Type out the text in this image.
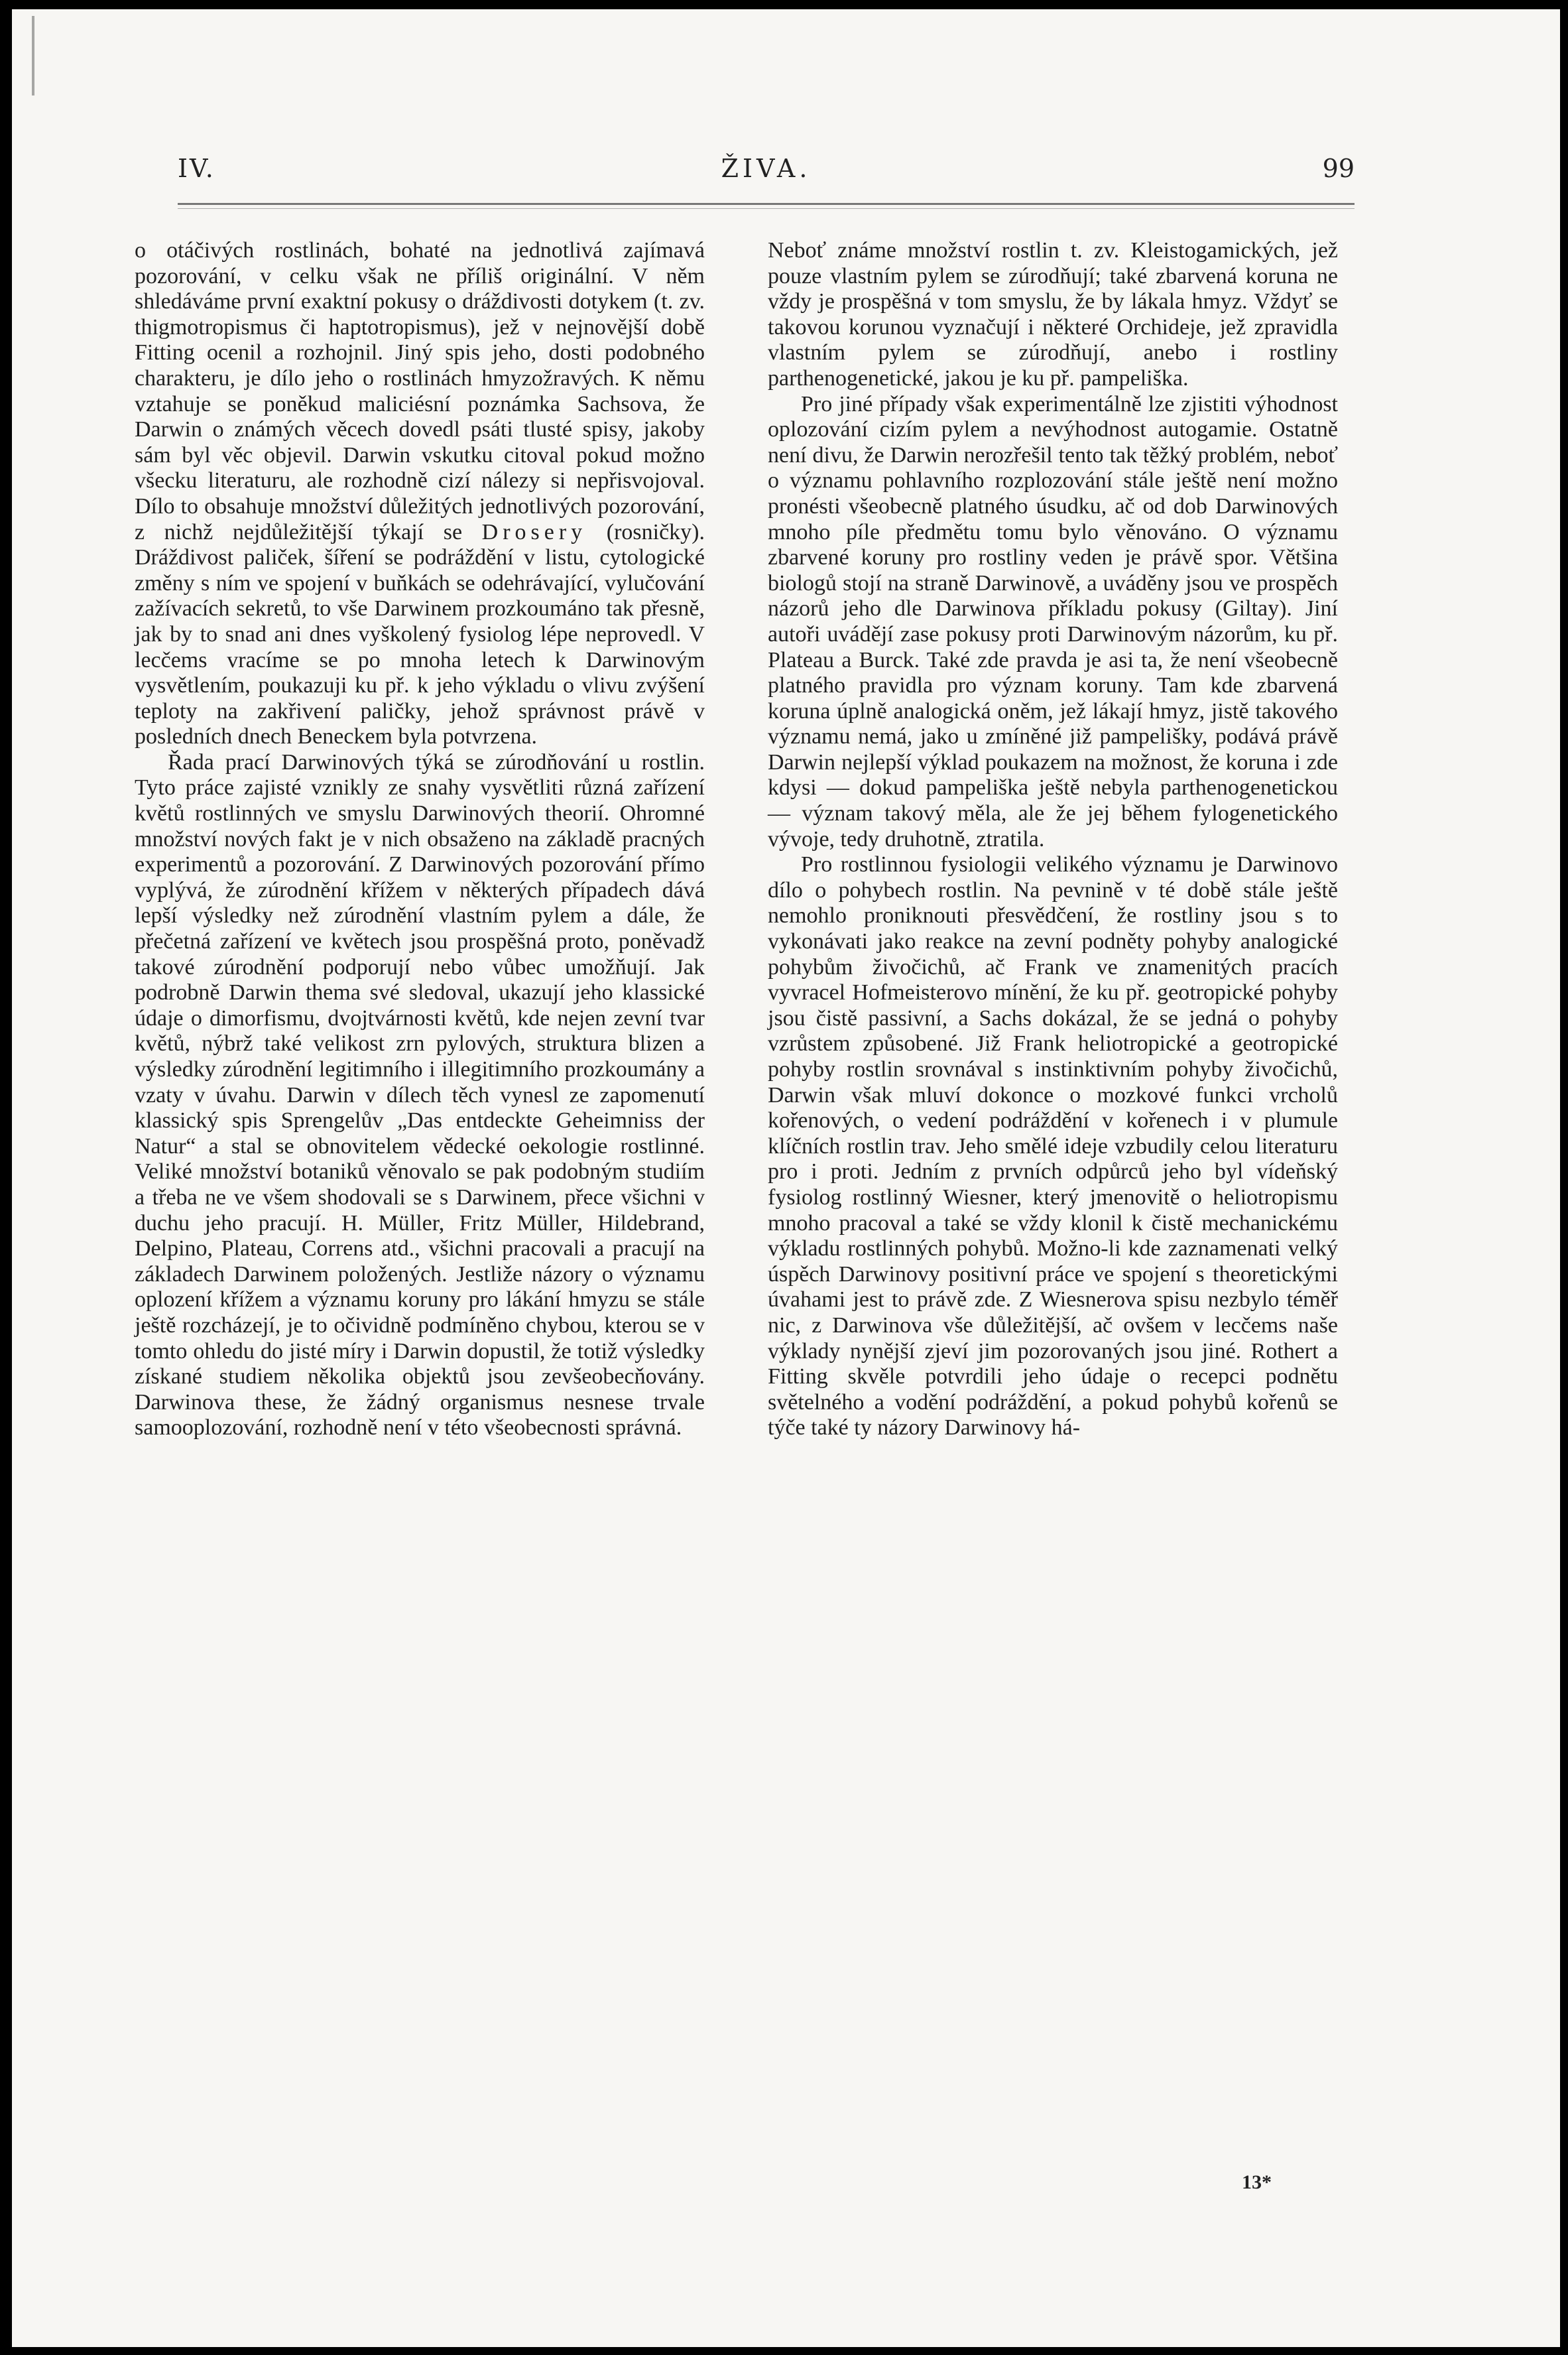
IV.	ŽIVA.	99

o otáčivých rostlinách, bohaté na jednotlivá zajímavá pozorování, v celku však ne příliš originální. V něm shledáváme první exaktní pokusy o dráždivosti dotykem (t. zv. thigmotropismus či haptotropismus), jež v nejnovější době Fitting ocenil a rozhojnil. Jiný spis jeho, dosti podobného charakteru, je dílo jeho o rostlinách hmyzožravých. K němu vztahuje se poněkud maliciésní poznámka Sachsova, že Darwin o známých věcech dovedl psáti tlusté spisy, jakoby sám byl věc objevil. Darwin vskutku citoval pokud možno všecku literaturu, ale rozhodně cizí nálezy si nepřisvojoval. Dílo to obsahuje množství důležitých jednotlivých pozorování, z nichž nejdůležitější týkají se Drosery (rosničky). Dráždivost paliček, šíření se podráždění v listu, cytologické změny s ním ve spojení v buňkách se odehrávající, vylučování zažívacích sekretů, to vše Darwinem prozkoumáno tak přesně, jak by to snad ani dnes vyškolený fysiolog lépe neprovedl. V lecčems vracíme se po mnoha letech k Darwinovým vysvětlením, poukazuji ku př. k jeho výkladu o vlivu zvýšení teploty na zakřivení paličky, jehož správnost právě v posledních dnech Beneckem byla potvrzena.

Řada prací Darwinových týká se zúrodňování u rostlin. Tyto práce zajisté vznikly ze snahy vysvětliti různá zařízení květů rostlinných ve smyslu Darwinových theorií. Ohromné množství nových fakt je v nich obsaženo na základě pracných experimentů a pozorování. Z Darwinových pozorování přímo vyplývá, že zúrodnění křížem v některých případech dává lepší výsledky než zúrodnění vlastním pylem a dále, že přečetná zařízení ve květech jsou prospěšná proto, poněvadž takové zúrodnění podporují nebo vůbec umožňují. Jak podrobně Darwin thema své sledoval, ukazují jeho klassické údaje o dimorfismu, dvojtvárnosti květů, kde nejen zevní tvar květů, nýbrž také velikost zrn pylových, struktura blizen a výsledky zúrodnění legitimního i illegitimního prozkoumány a vzaty v úvahu. Darwin v dílech těch vynesl ze zapomenutí klassický spis Sprengelův „Das entdeckte Geheimniss der Natur“ a stal se obnovitelem vědecké oekologie rostlinné. Veliké množství botaniků věnovalo se pak podobným studiím a třeba ne ve všem shodovali se s Darwinem, přece všichni v duchu jeho pracují. H. Müller, Fritz Müller, Hildebrand, Delpino, Plateau, Correns atd., všichni pracovali a pracují na základech Darwinem položených. Jestliže názory o významu oplození křížem a významu koruny pro lákání hmyzu se stále ještě rozcházejí, je to očividně podmíněno chybou, kterou se v tomto ohledu do jisté míry i Darwin dopustil, že totiž výsledky získané studiem několika objektů jsou zevšeobecňovány. Darwinova these, že žádný organismus nesnese trvale samooplozování, rozhodně není v této všeobecnosti správná.

Neboť známe množství rostlin t. zv. Kleistogamických, jež pouze vlastním pylem se zúrodňují; také zbarvená koruna ne vždy je prospěšná v tom smyslu, že by lákala hmyz. Vždyť se takovou korunou vyznačují i některé Orchideje, jež zpravidla vlastním pylem se zúrodňují, anebo i rostliny parthenogenetické, jakou je ku př. pampeliška.

Pro jiné případy však experimentálně lze zjistiti výhodnost oplozování cizím pylem a nevýhodnost autogamie. Ostatně není divu, že Darwin nerozřešil tento tak těžký problém, neboť o významu pohlavního rozplozování stále ještě není možno pronésti všeobecně platného úsudku, ač od dob Darwinových mnoho píle předmětu tomu bylo věnováno. O významu zbarvené koruny pro rostliny veden je právě spor. Většina biologů stojí na straně Darwinově, a uváděny jsou ve prospěch názorů jeho dle Darwinova příkladu pokusy (Giltay). Jiní autoři uvádějí zase pokusy proti Darwinovým názorům, ku př. Plateau a Burck. Také zde pravda je asi ta, že není všeobecně platného pravidla pro význam koruny. Tam kde zbarvená koruna úplně analogická oněm, jež lákají hmyz, jistě takového významu nemá, jako u zmíněné již pampelišky, podává právě Darwin nejlepší výklad poukazem na možnost, že koruna i zde kdysi — dokud pampeliška ještě nebyla parthenogenetickou — význam takový měla, ale že jej během fylogenetického vývoje, tedy druhotně, ztratila.

Pro rostlinnou fysiologii velikého významu je Darwinovo dílo o pohybech rostlin. Na pevnině v té době stále ještě nemohlo proniknouti přesvědčení, že rostliny jsou s to vykonávati jako reakce na zevní podněty pohyby analogické pohybům živočichů, ač Frank ve znamenitých pracích vyvracel Hofmeisterovo mínění, že ku př. geotropické pohyby jsou čistě passivní, a Sachs dokázal, že se jedná o pohyby vzrůstem způsobené. Již Frank heliotropické a geotropické pohyby rostlin srovnával s instinktivním pohyby živočichů, Darwin však mluví dokonce o mozkové funkci vrcholů kořenových, o vedení podráždění v kořenech i v plumule klíčních rostlin trav. Jeho smělé ideje vzbudily celou literaturu pro i proti. Jedním z prvních odpůrců jeho byl vídeňský fysiolog rostlinný Wiesner, který jmenovitě o heliotropismu mnoho pracoval a také se vždy klonil k čistě mechanickému výkladu rostlinných pohybů. Možno-li kde zaznamenati velký úspěch Darwinovy positivní práce ve spojení s theoretickými úvahami jest to právě zde. Z Wiesnerova spisu nezbylo téměř nic, z Darwinova vše důležitější, ač ovšem v lecčems naše výklady nynější zjeví jim pozorovaných jsou jiné. Rothert a Fitting skvěle potvrdili jeho údaje o recepci podnětu světelného a vodění podráždění, a pokud pohybů kořenů se týče také ty názory Darwinovy há-

13*
